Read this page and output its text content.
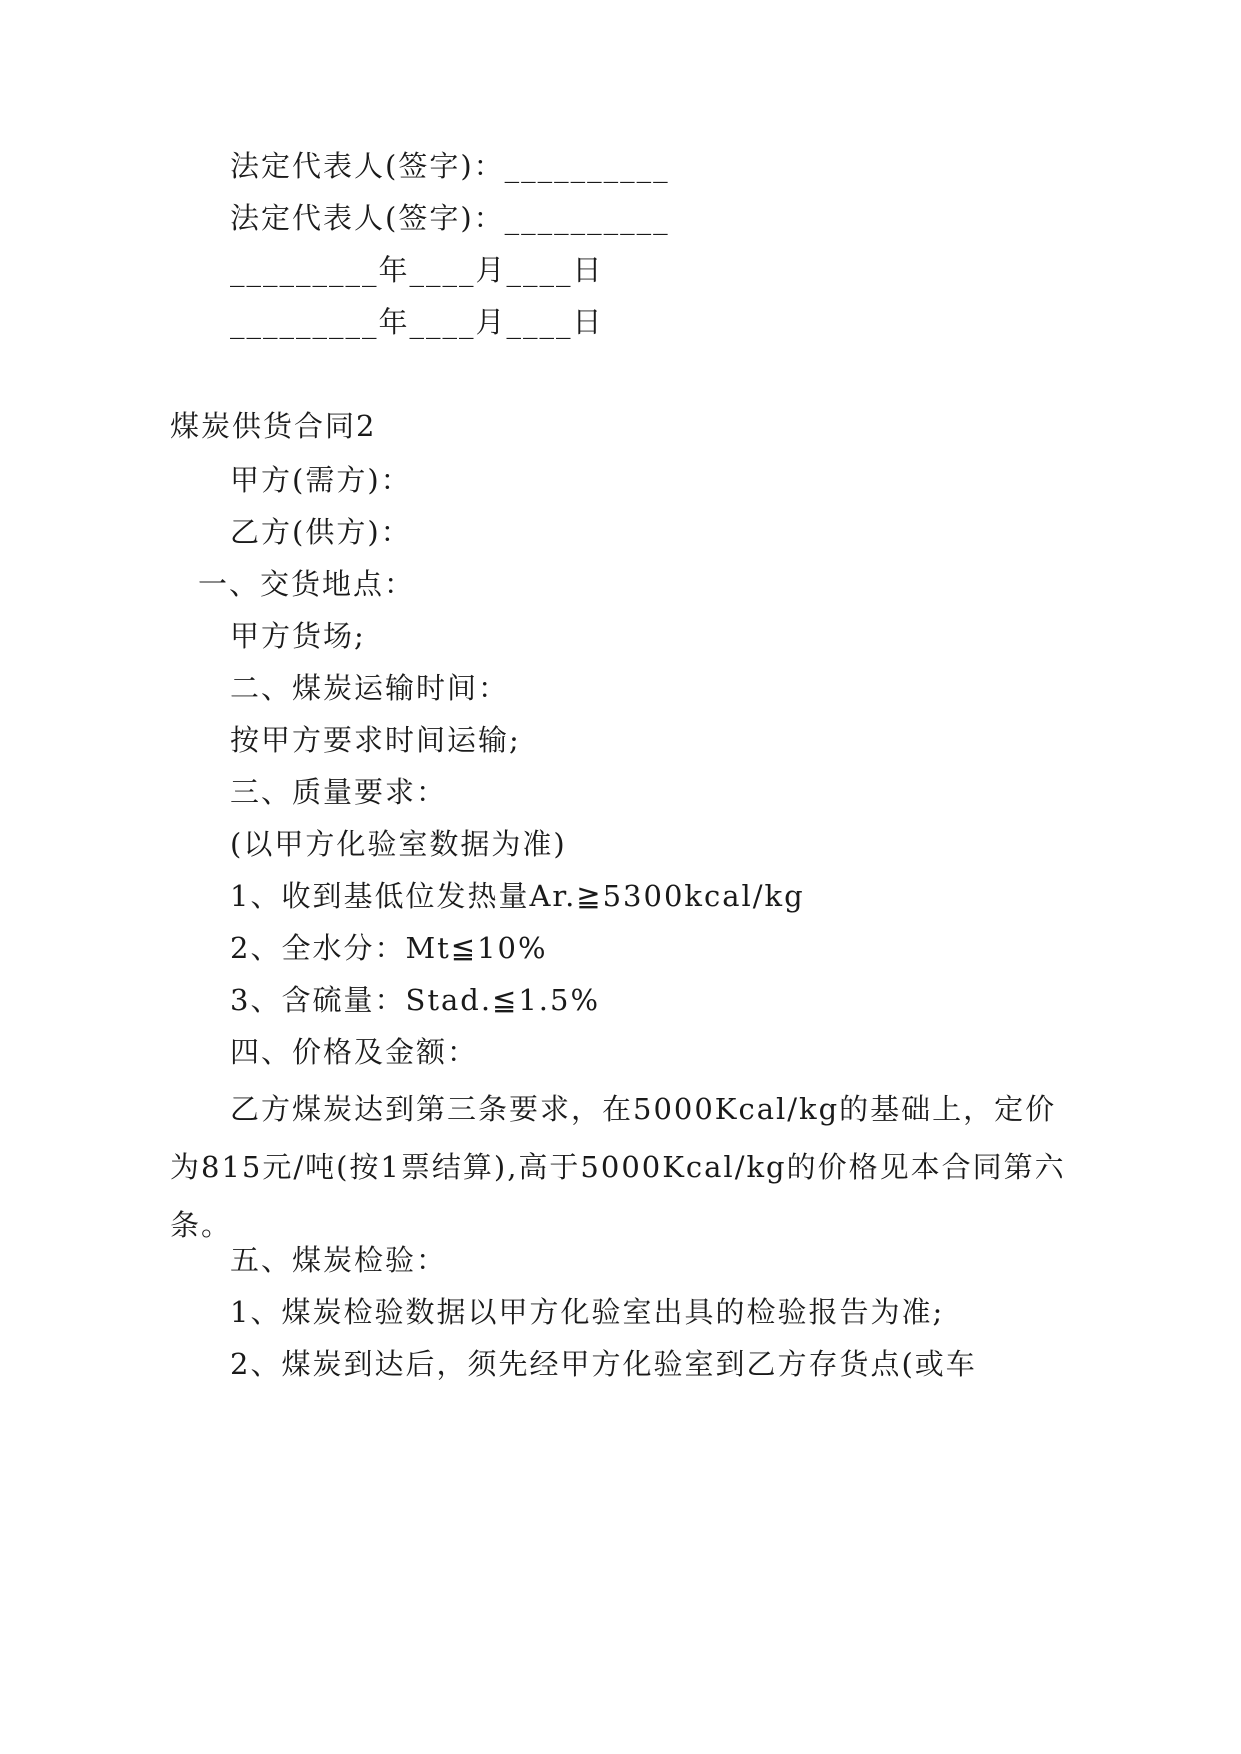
法定代表人(签字)：__________
法定代表人(签字)：__________
_________年____月____日
_________年____月____日
煤炭供货合同2
甲方(需方)：
乙方(供方)：
一、交货地点：
甲方货场;
二、煤炭运输时间：
按甲方要求时间运输;
三、质量要求：
(以甲方化验室数据为准)
1、收到基低位发热量Ar.≧5300kcal/kg
2、全水分：Mt≦10%
3、含硫量：Stad.≦1.5%
四、价格及金额：
乙方煤炭达到第三条要求，在5000Kcal/kg的基础上，定价为815元/吨(按1票结算),高于5000Kcal/kg的价格见本合同第六条。
五、煤炭检验：
1、煤炭检验数据以甲方化验室出具的检验报告为准;
2、煤炭到达后，须先经甲方化验室到乙方存货点(或车
